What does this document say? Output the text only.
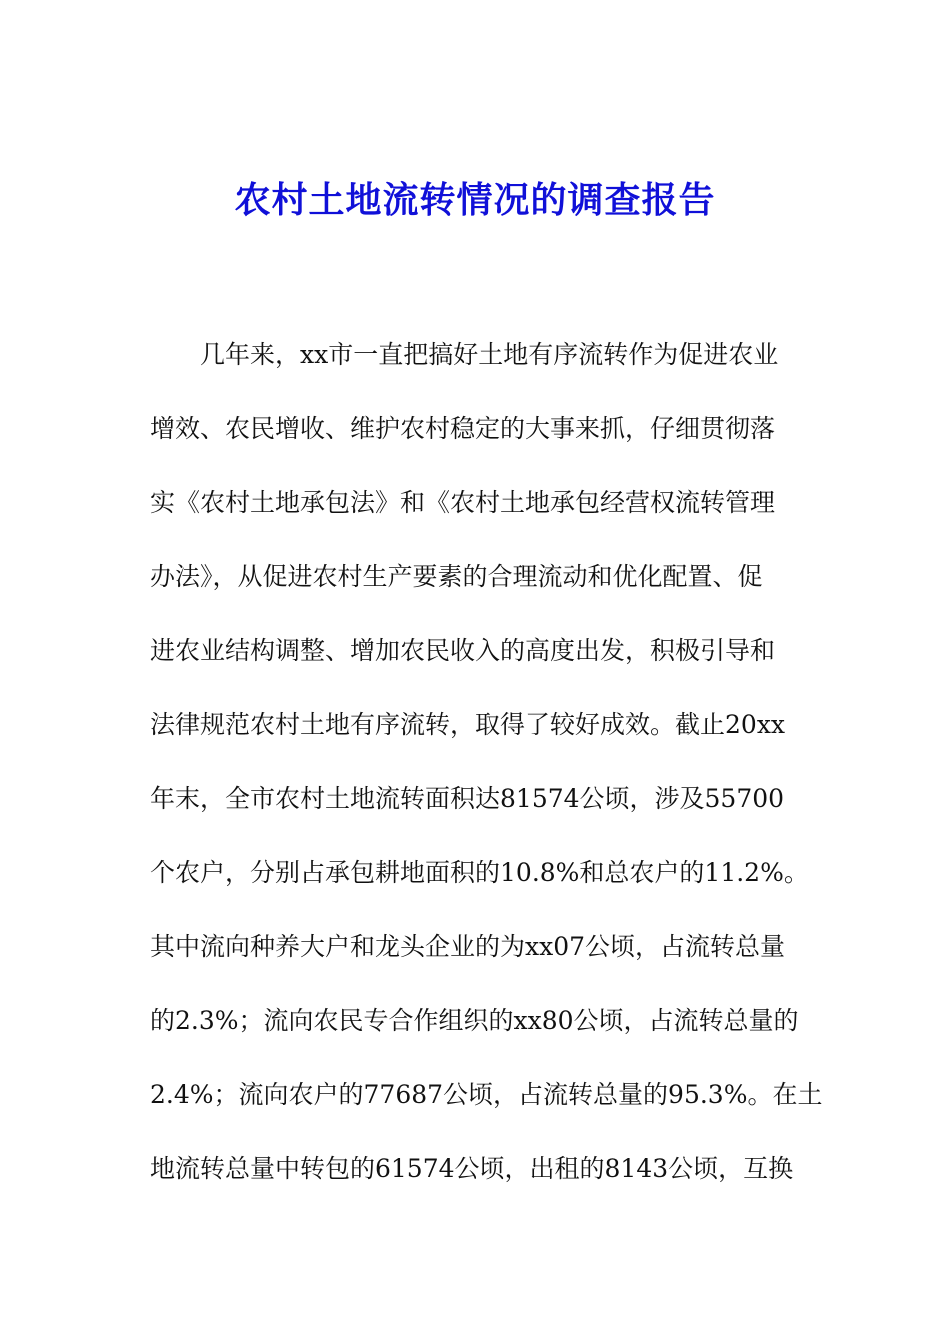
农村土地流转情况的调查报告
几年来，xx市一直把搞好土地有序流转作为促进农业
增效、农民增收、维护农村稳定的大事来抓，仔细贯彻落
实《农村土地承包法》和《农村土地承包经营权流转管理
办法》，从促进农村生产要素的合理流动和优化配置、促
进农业结构调整、增加农民收入的高度出发，积极引导和
法律规范农村土地有序流转，取得了较好成效。截止20xx
年末，全市农村土地流转面积达81574公顷，涉及55700
个农户，分别占承包耕地面积的10.8%和总农户的11.2%。
其中流向种养大户和龙头企业的为xx07公顷，占流转总量
的2.3%；流向农民专合作组织的xx80公顷，占流转总量的
2.4%；流向农户的77687公顷，占流转总量的95.3%。在土
地流转总量中转包的61574公顷，出租的8143公顷，互换
